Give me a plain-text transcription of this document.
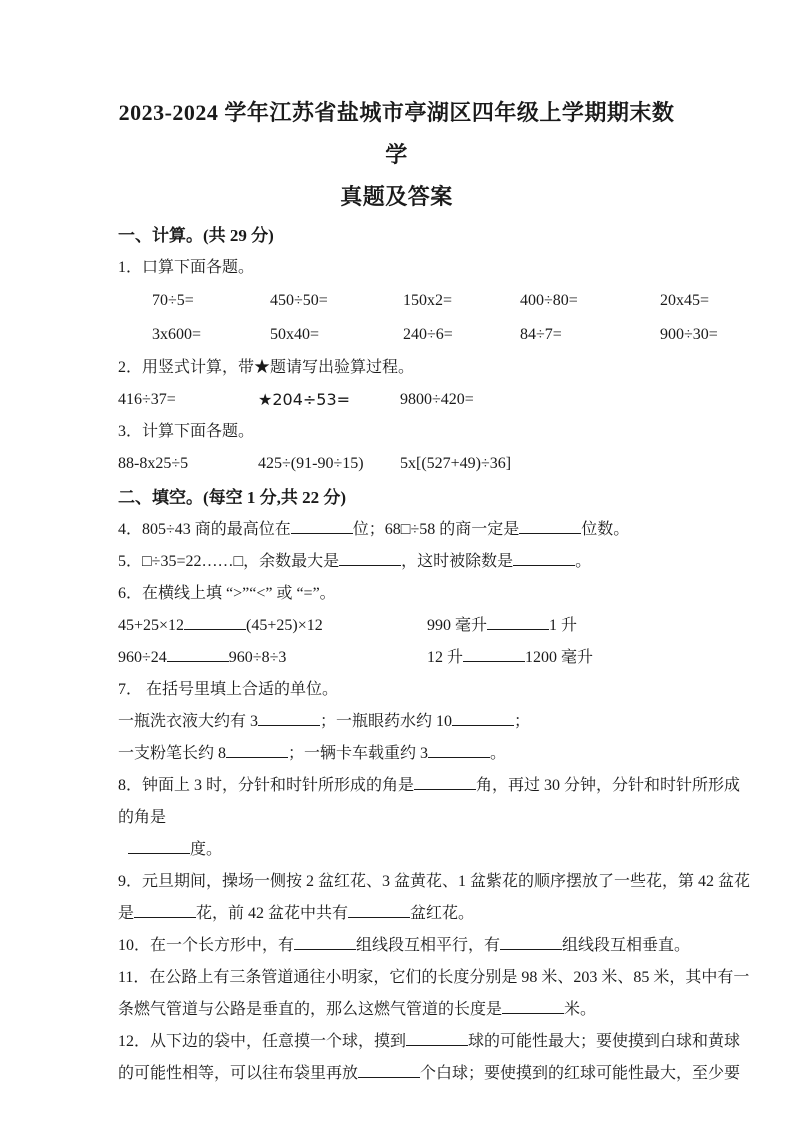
2023-2024 学年江苏省盐城市亭湖区四年级上学期期末数学
真题及答案
一、计算。(共 29 分)
1．口算下面各题。
70÷5=	450÷50=	150x2=	400÷80=	20x45=
3x600=	50x40=	240÷6=	84÷7=	900÷30=
2．用竖式计算，带★题请写出验算过程。
416÷37=	★204÷53=	9800÷420=
3．计算下面各题。
88-8x25÷5	425÷(91-90÷15)	5x[(527+49)÷36]
二、填空。(每空 1 分,共 22 分)
4．805÷43 商的最高位在	位；68□÷58 的商一定是	位数。
5．□÷35=22……□，余数最大是	，这时被除数是	。
6．在横线上填 “>”“<” 或 “=”。
45+25×12	(45+25)×12	990 毫升	1 升
960÷24	960÷8÷3	12 升	1200 毫升
7． 在括号里填上合适的单位。
一瓶洗衣液大约有 3	；一瓶眼药水约 10	；
一支粉笔长约 8	；一辆卡车载重约 3	。
8．钟面上 3 时，分针和时针所形成的角是	角，再过 30 分钟，分针和时针所形成
的角是
度。
9．元旦期间，操场一侧按 2 盆红花、3 盆黄花、1 盆紫花的顺序摆放了一些花，第 42 盆花
是	花，前 42 盆花中共有	盆红花。
10．在一个长方形中，有	组线段互相平行，有	组线段互相垂直。
11．在公路上有三条管道通往小明家，它们的长度分别是 98 米、203 米、85 米，其中有一
条燃气管道与公路是垂直的，那么这燃气管道的长度是	米。
12．从下边的袋中，任意摸一个球，摸到	球的可能性最大；要使摸到白球和黄球
的可能性相等，可以往布袋里再放	个白球；要使摸到的红球可能性最大，至少要
